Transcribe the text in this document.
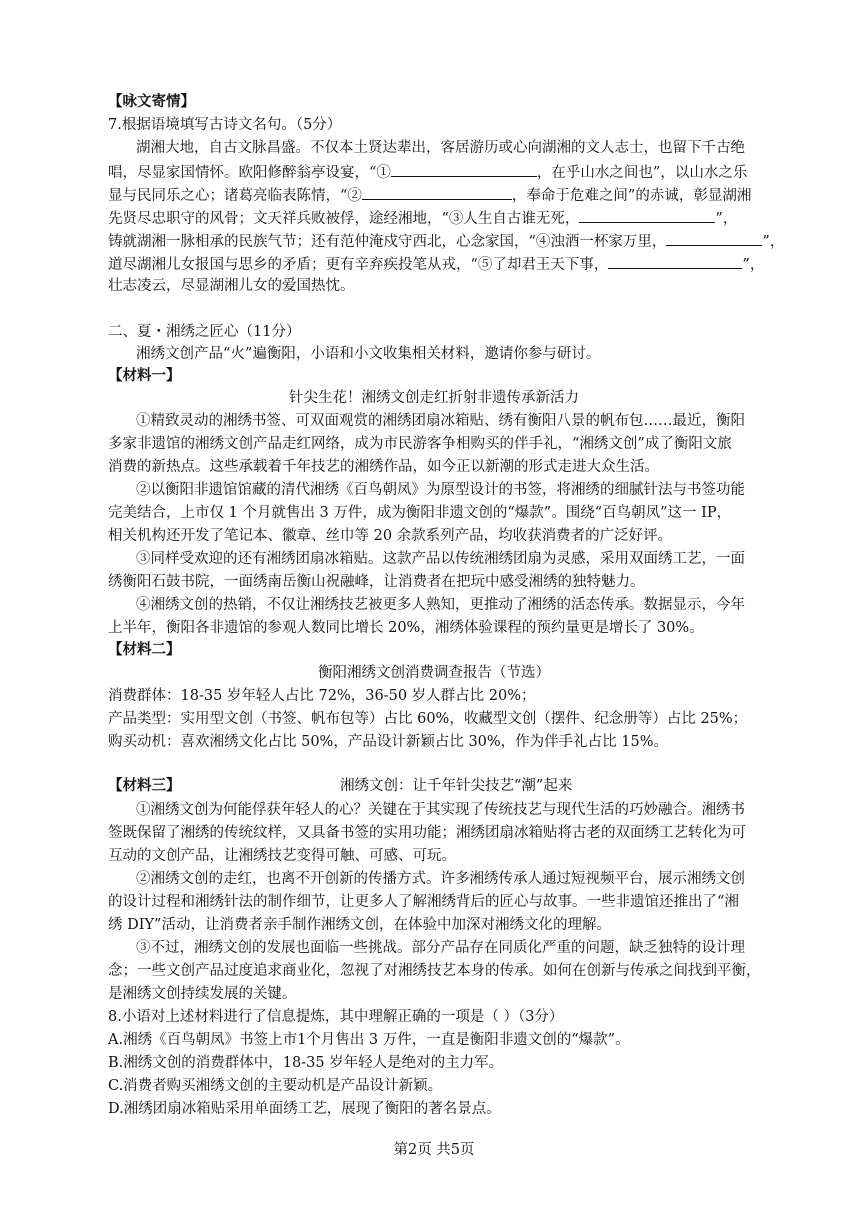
【咏文寄情】
7.根据语境填写古诗文名句。（5分）
湖湘大地，自古文脉昌盛。不仅本土贤达辈出，客居游历或心向湖湘的文人志士，也留下千古绝
唱，尽显家国情怀。欧阳修醉翁亭设宴，“①	，在乎山水之间也”，以山水之乐
显与民同乐之心；诸葛亮临表陈情，“②	，奉命于危难之间”的赤诚，彰显湖湘
先贤尽忠职守的风骨；文天祥兵败被俘，途经湘地，“③人生自古谁无死，	”，
铸就湖湘一脉相承的民族气节；还有范仲淹戍守西北，心念家国，“④浊酒一杯家万里，	”，
道尽湖湘儿女报国与思乡的矛盾；更有辛弃疾投笔从戎，“⑤了却君王天下事，	”，
壮志凌云，尽显湖湘儿女的爱国热忱。
二、夏・湘绣之匠心（11分）
湘绣文创产品“火”遍衡阳，小语和小文收集相关材料，邀请你参与研讨。
【材料一】
针尖生花！湘绣文创走红折射非遗传承新活力
①精致灵动的湘绣书签、可双面观赏的湘绣团扇冰箱贴、绣有衡阳八景的帆布包……最近，衡阳
多家非遗馆的湘绣文创产品走红网络，成为市民游客争相购买的伴手礼，“湘绣文创”成了衡阳文旅
消费的新热点。这些承载着千年技艺的湘绣作品，如今正以新潮的形式走进大众生活。
②以衡阳非遗馆馆藏的清代湘绣《百鸟朝凤》为原型设计的书签，将湘绣的细腻针法与书签功能
完美结合，上市仅 1 个月就售出 3 万件，成为衡阳非遗文创的“爆款”。围绕“百鸟朝凤”这一 IP，
相关机构还开发了笔记本、徽章、丝巾等 20 余款系列产品，均收获消费者的广泛好评。
③同样受欢迎的还有湘绣团扇冰箱贴。这款产品以传统湘绣团扇为灵感，采用双面绣工艺，一面
绣衡阳石鼓书院，一面绣南岳衡山祝融峰，让消费者在把玩中感受湘绣的独特魅力。
④湘绣文创的热销，不仅让湘绣技艺被更多人熟知，更推动了湘绣的活态传承。数据显示，今年
上半年，衡阳各非遗馆的参观人数同比增长 20%，湘绣体验课程的预约量更是增长了 30%。
【材料二】
衡阳湘绣文创消费调查报告（节选）
消费群体：18-35 岁年轻人占比 72%，36-50 岁人群占比 20%；
产品类型：实用型文创（书签、帆布包等）占比 60%，收藏型文创（摆件、纪念册等）占比 25%；
购买动机：喜欢湘绣文化占比 50%，产品设计新颖占比 30%，作为伴手礼占比 15%。
【材料三】	湘绣文创：让千年针尖技艺“潮”起来
①湘绣文创为何能俘获年轻人的心？关键在于其实现了传统技艺与现代生活的巧妙融合。湘绣书
签既保留了湘绣的传统纹样，又具备书签的实用功能；湘绣团扇冰箱贴将古老的双面绣工艺转化为可
互动的文创产品，让湘绣技艺变得可触、可感、可玩。
②湘绣文创的走红，也离不开创新的传播方式。许多湘绣传承人通过短视频平台，展示湘绣文创
的设计过程和湘绣针法的制作细节，让更多人了解湘绣背后的匠心与故事。一些非遗馆还推出了“湘
绣 DIY”活动，让消费者亲手制作湘绣文创，在体验中加深对湘绣文化的理解。
③不过，湘绣文创的发展也面临一些挑战。部分产品存在同质化严重的问题，缺乏独特的设计理
念；一些文创产品过度追求商业化，忽视了对湘绣技艺本身的传承。如何在创新与传承之间找到平衡，
是湘绣文创持续发展的关键。
8.小语对上述材料进行了信息提炼，其中理解正确的一项是（ ）（3分）
A.湘绣《百鸟朝凤》书签上市1个月售出 3 万件，一直是衡阳非遗文创的“爆款”。
B.湘绣文创的消费群体中，18-35 岁年轻人是绝对的主力军。
C.消费者购买湘绣文创的主要动机是产品设计新颖。
D.湘绣团扇冰箱贴采用单面绣工艺，展现了衡阳的著名景点。
第2页 共5页
